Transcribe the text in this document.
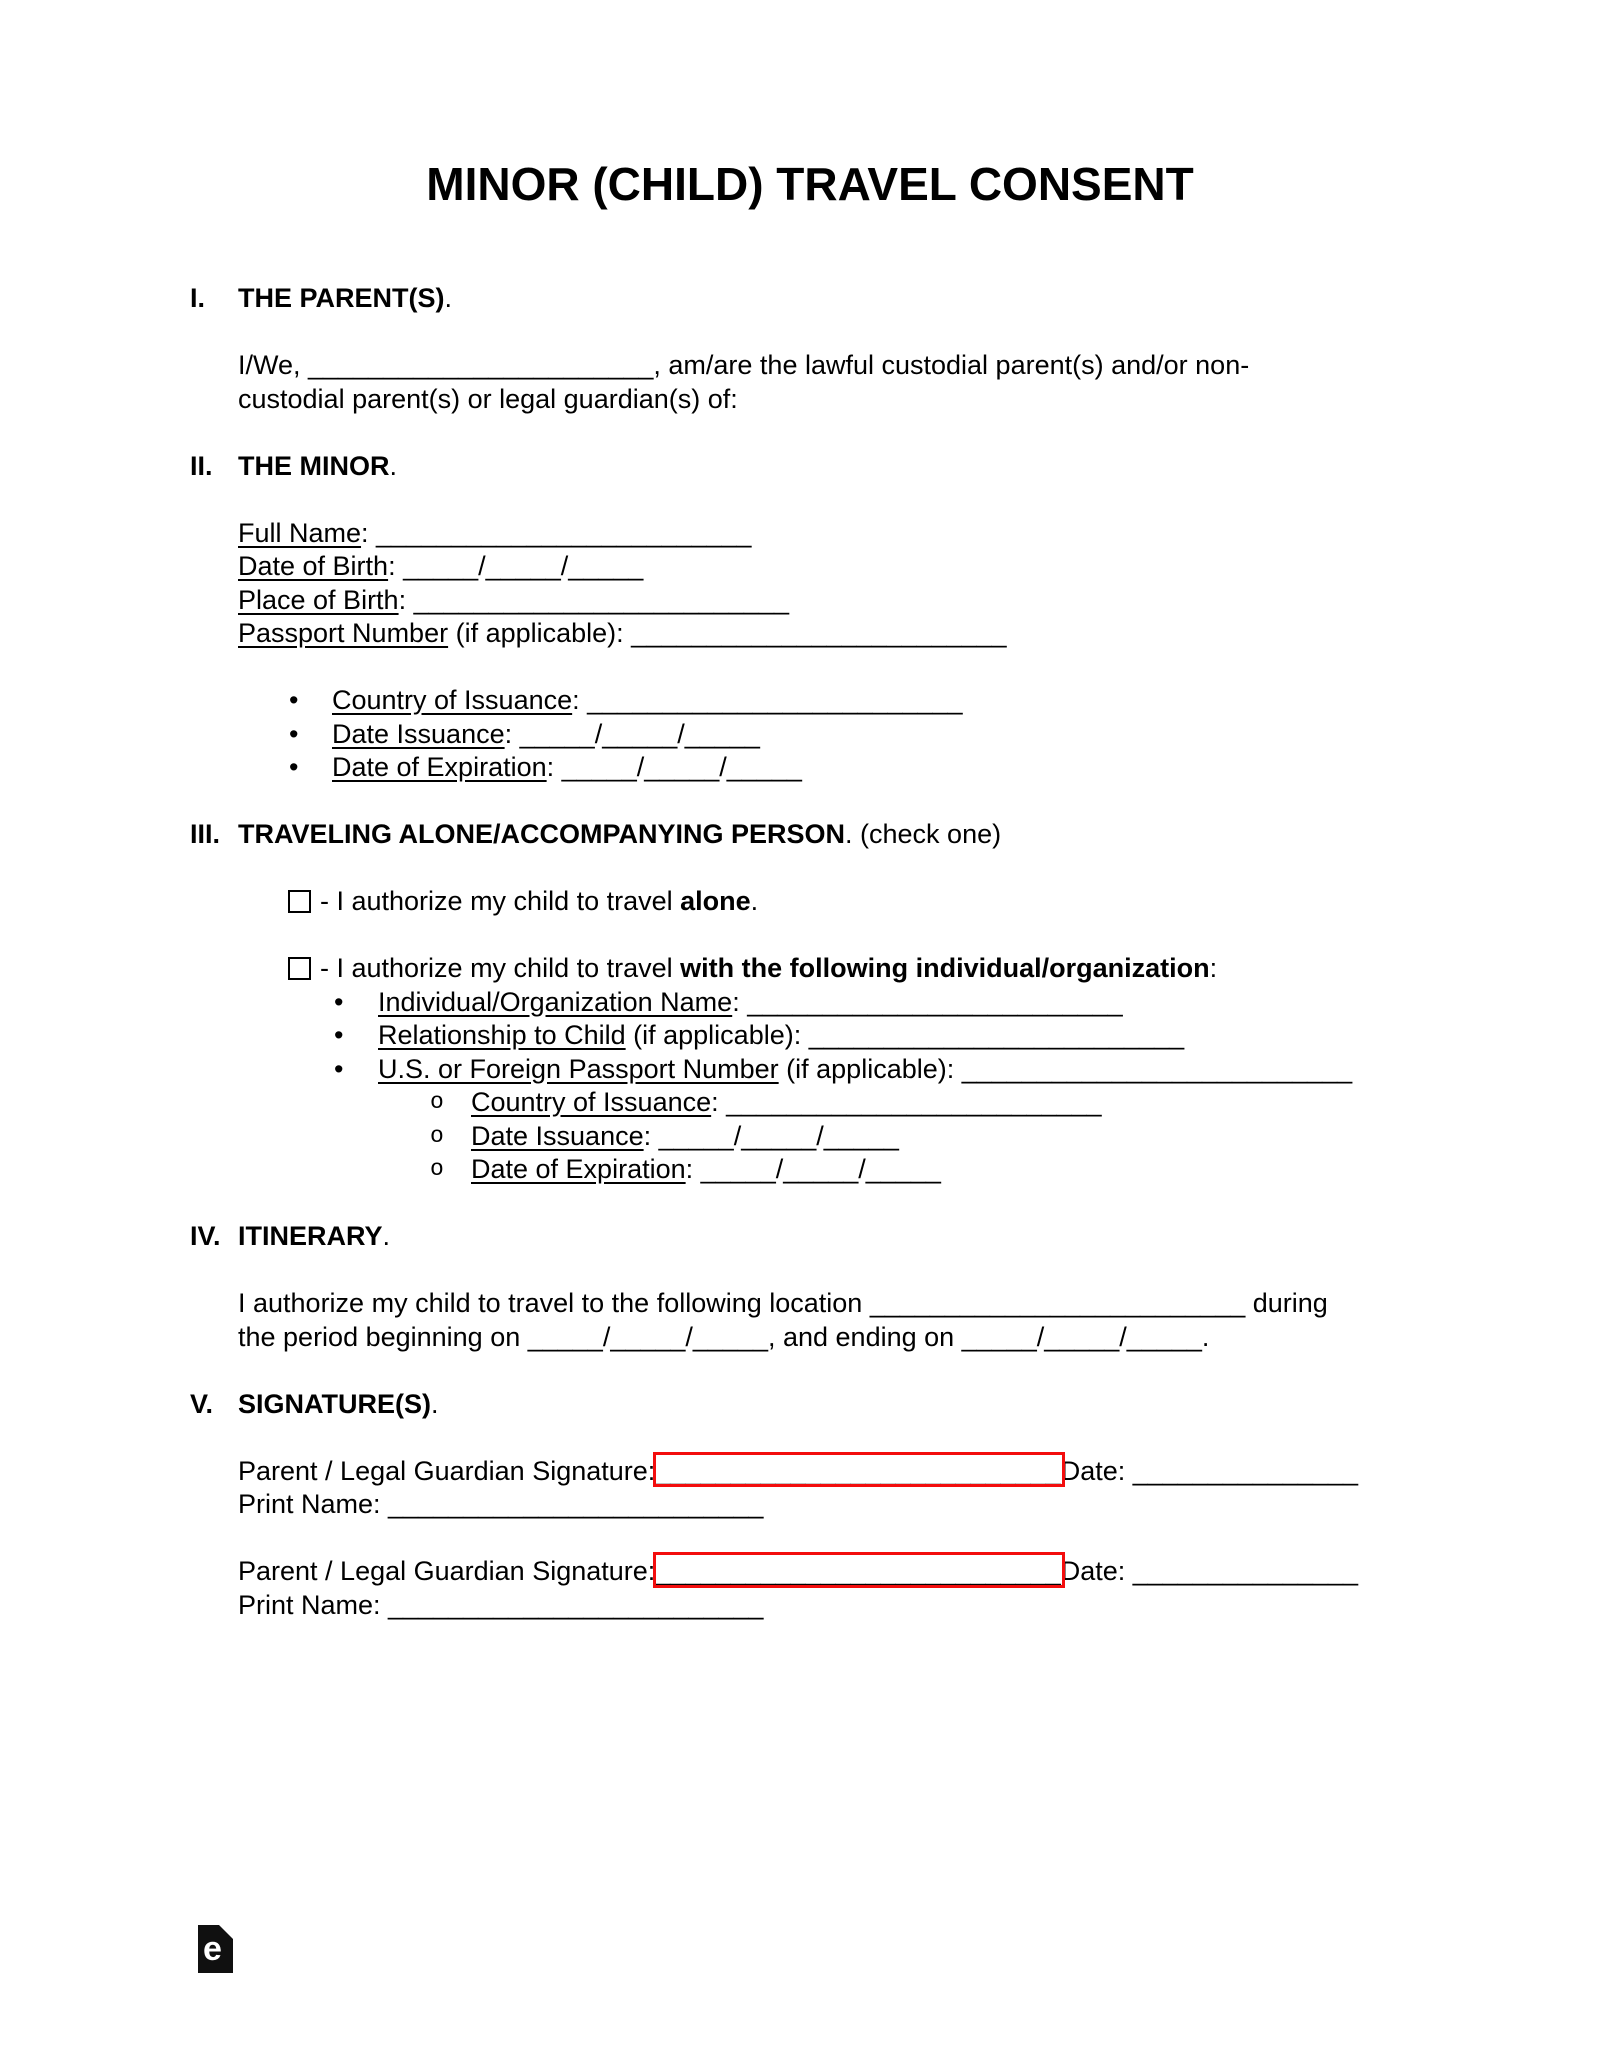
MINOR (CHILD) TRAVEL CONSENT
I.	THE PARENT(S).
I/We, _______________________, am/are the lawful custodial parent(s) and/or non-
custodial parent(s) or legal guardian(s) of:
II. THE MINOR.
Full Name: _________________________
Date of Birth: _____/_____/_____
Place of Birth: _________________________
Passport Number (if applicable): _________________________
•	Country of Issuance: _________________________
•	Date Issuance: _____/_____/_____
•	Date of Expiration: _____/_____/_____
III. TRAVELING ALONE/ACCOMPANYING PERSON. (check one)
- I authorize my child to travel alone.
- I authorize my child to travel with the following individual/organization:
•	Individual/Organization Name: _________________________
•	Relationship to Child (if applicable): _________________________
•	U.S. or Foreign Passport Number (if applicable): __________________________
o	Country of Issuance: _________________________
o	Date Issuance: _____/_____/_____
o	Date of Expiration: _____/_____/_____
IV. ITINERARY.
I authorize my child to travel to the following location _________________________ during
the period beginning on _____/_____/_____, and ending on _____/_____/_____.
V. SIGNATURE(S).
Parent / Legal Guardian Signature:
___________________________Date: _______________
Print Name: _________________________
Parent / Legal Guardian Signature:
___________________________Date: _______________
Print Name: _________________________
e
